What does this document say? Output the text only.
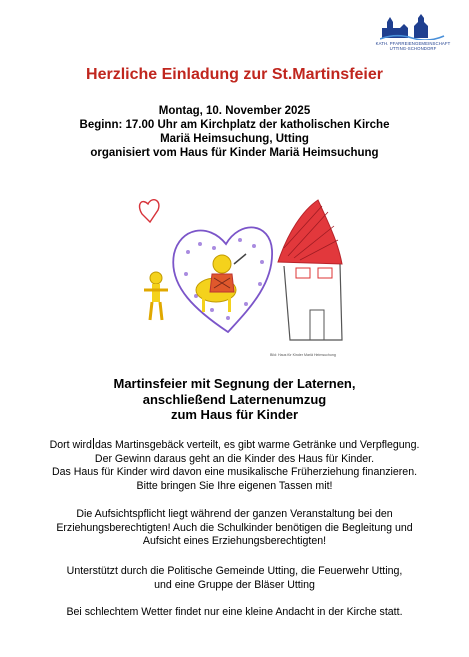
KATH. PFARREIENGEMEINSCHAFT
UTTING-SCHONDORF
Herzliche Einladung zur St.Martinsfeier
Montag, 10. November 2025
Beginn: 17.00 Uhr am Kirchplatz der katholischen Kirche
Mariä Heimsuchung, Utting
organisiert vom Haus für Kinder Mariä Heimsuchung
Bild: Haus für Kinder Mariä Heimsuchung
Martinsfeier mit Segnung der Laternen,
anschließend Laternenumzug
zum Haus für Kinder
Dort wird das Martinsgebäck verteilt, es gibt warme Getränke und Verpflegung.
Der Gewinn daraus geht an die Kinder des Haus für Kinder.
Das Haus für Kinder wird davon eine musikalische Früherziehung finanzieren.
Bitte bringen Sie Ihre eigenen Tassen mit!
Die Aufsichtspflicht liegt während der ganzen Veranstaltung bei den
Erziehungsberechtigten! Auch die Schulkinder benötigen die Begleitung und
Aufsicht eines Erziehungsberechtigten!
Unterstützt durch die Politische Gemeinde Utting, die Feuerwehr Utting,
und eine Gruppe der Bläser Utting
Bei schlechtem Wetter findet nur eine kleine Andacht in der Kirche statt.
